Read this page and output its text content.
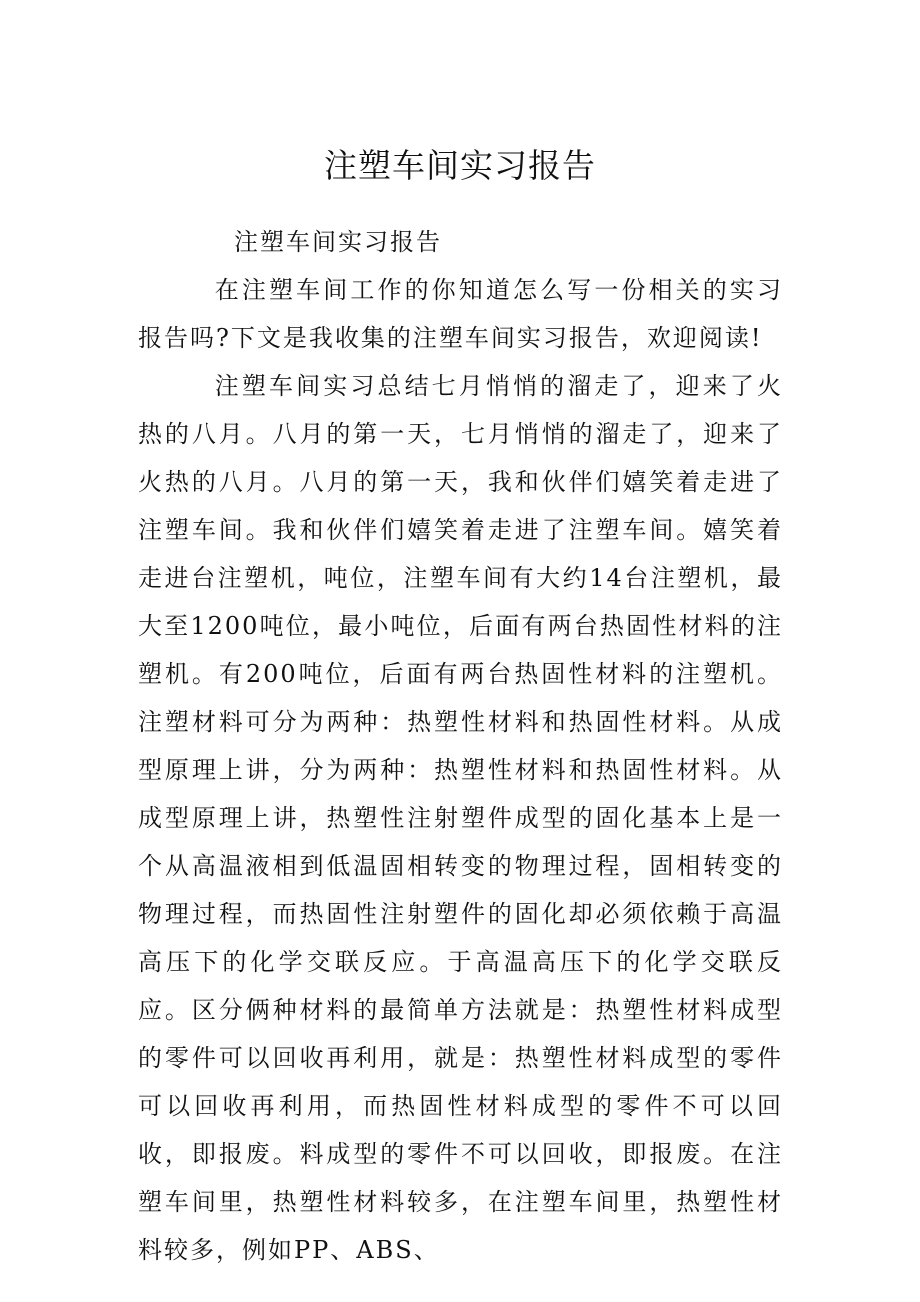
注塑车间实习报告

注塑车间实习报告

在注塑车间工作的你知道怎么写一份相关的实习报告吗?下文是我收集的注塑车间实习报告，欢迎阅读!

注塑车间实习总结七月悄悄的溜走了，迎来了火热的八月。八月的第一天，七月悄悄的溜走了，迎来了火热的八月。八月的第一天，我和伙伴们嬉笑着走进了注塑车间。我和伙伴们嬉笑着走进了注塑车间。嬉笑着走进台注塑机，吨位，注塑车间有大约14台注塑机，最大至1200吨位，最小吨位，后面有两台热固性材料的注塑机。有200吨位，后面有两台热固性材料的注塑机。注塑材料可分为两种：热塑性材料和热固性材料。从成型原理上讲，分为两种：热塑性材料和热固性材料。从成型原理上讲，热塑性注射塑件成型的固化基本上是一个从高温液相到低温固相转变的物理过程，固相转变的物理过程，而热固性注射塑件的固化却必须依赖于高温高压下的化学交联反应。于高温高压下的化学交联反应。区分俩种材料的最简单方法就是：热塑性材料成型的零件可以回收再利用，就是：热塑性材料成型的零件可以回收再利用，而热固性材料成型的零件不可以回收，即报废。料成型的零件不可以回收，即报废。在注塑车间里，热塑性材料较多，在注塑车间里，热塑性材料较多，例如PP、ABS、
